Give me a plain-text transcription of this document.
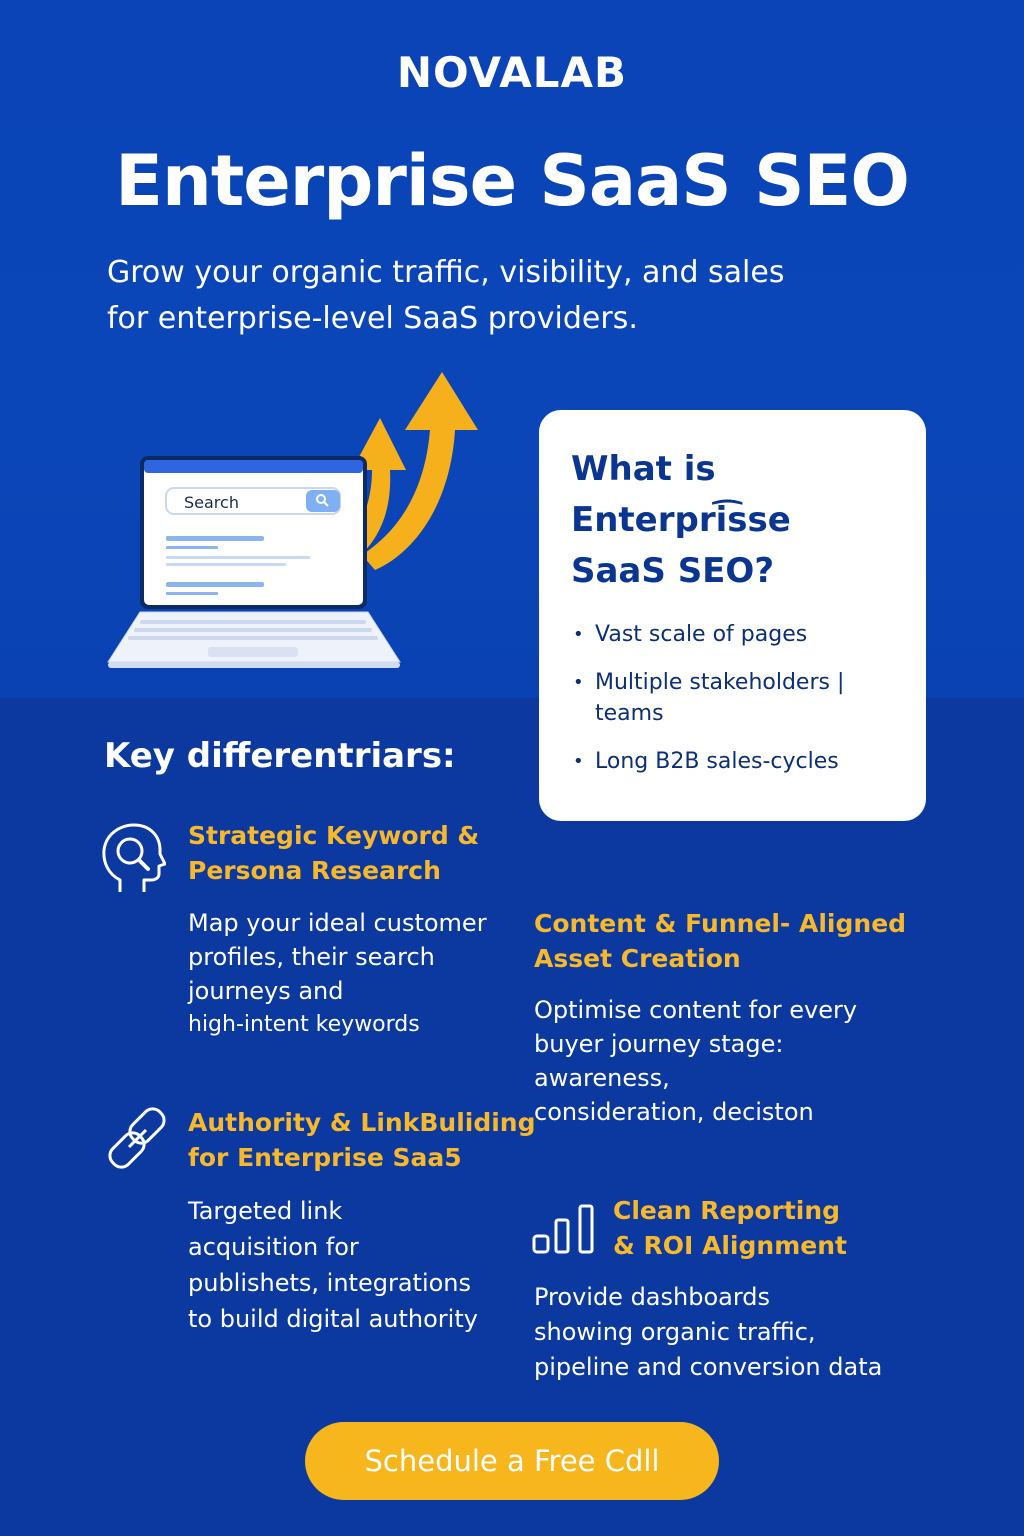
NOVALAB
Enterprise SaaS SEO
Grow your organic traffic, visibility, and sales
for enterprise-level SaaS providers.
Search
What is
Enterpri͡sse
SaaS SEO?
• Vast scale of pages
• Multiple stakeholders | teams
• Long B2B sales-cycles
Key differentriars:
Strategic Keyword &
Persona Research
Map your ideal customer
profiles, their search
journeys and
high-intent keywords
Content & Funnel- Aligned
Asset Creation
Optimise content for every
buyer journey stage:
awareness,
consideration, deciston
Authority & LinkBuliding
for Enterprise Saa5
Targeted link
acquisition for
publishets, integrations
to build digital authority
Clean Reporting
& ROI Alignment
Provide dashboards
showing organic traffic,
pipeline and conversion data
Schedule a Free Cdll
